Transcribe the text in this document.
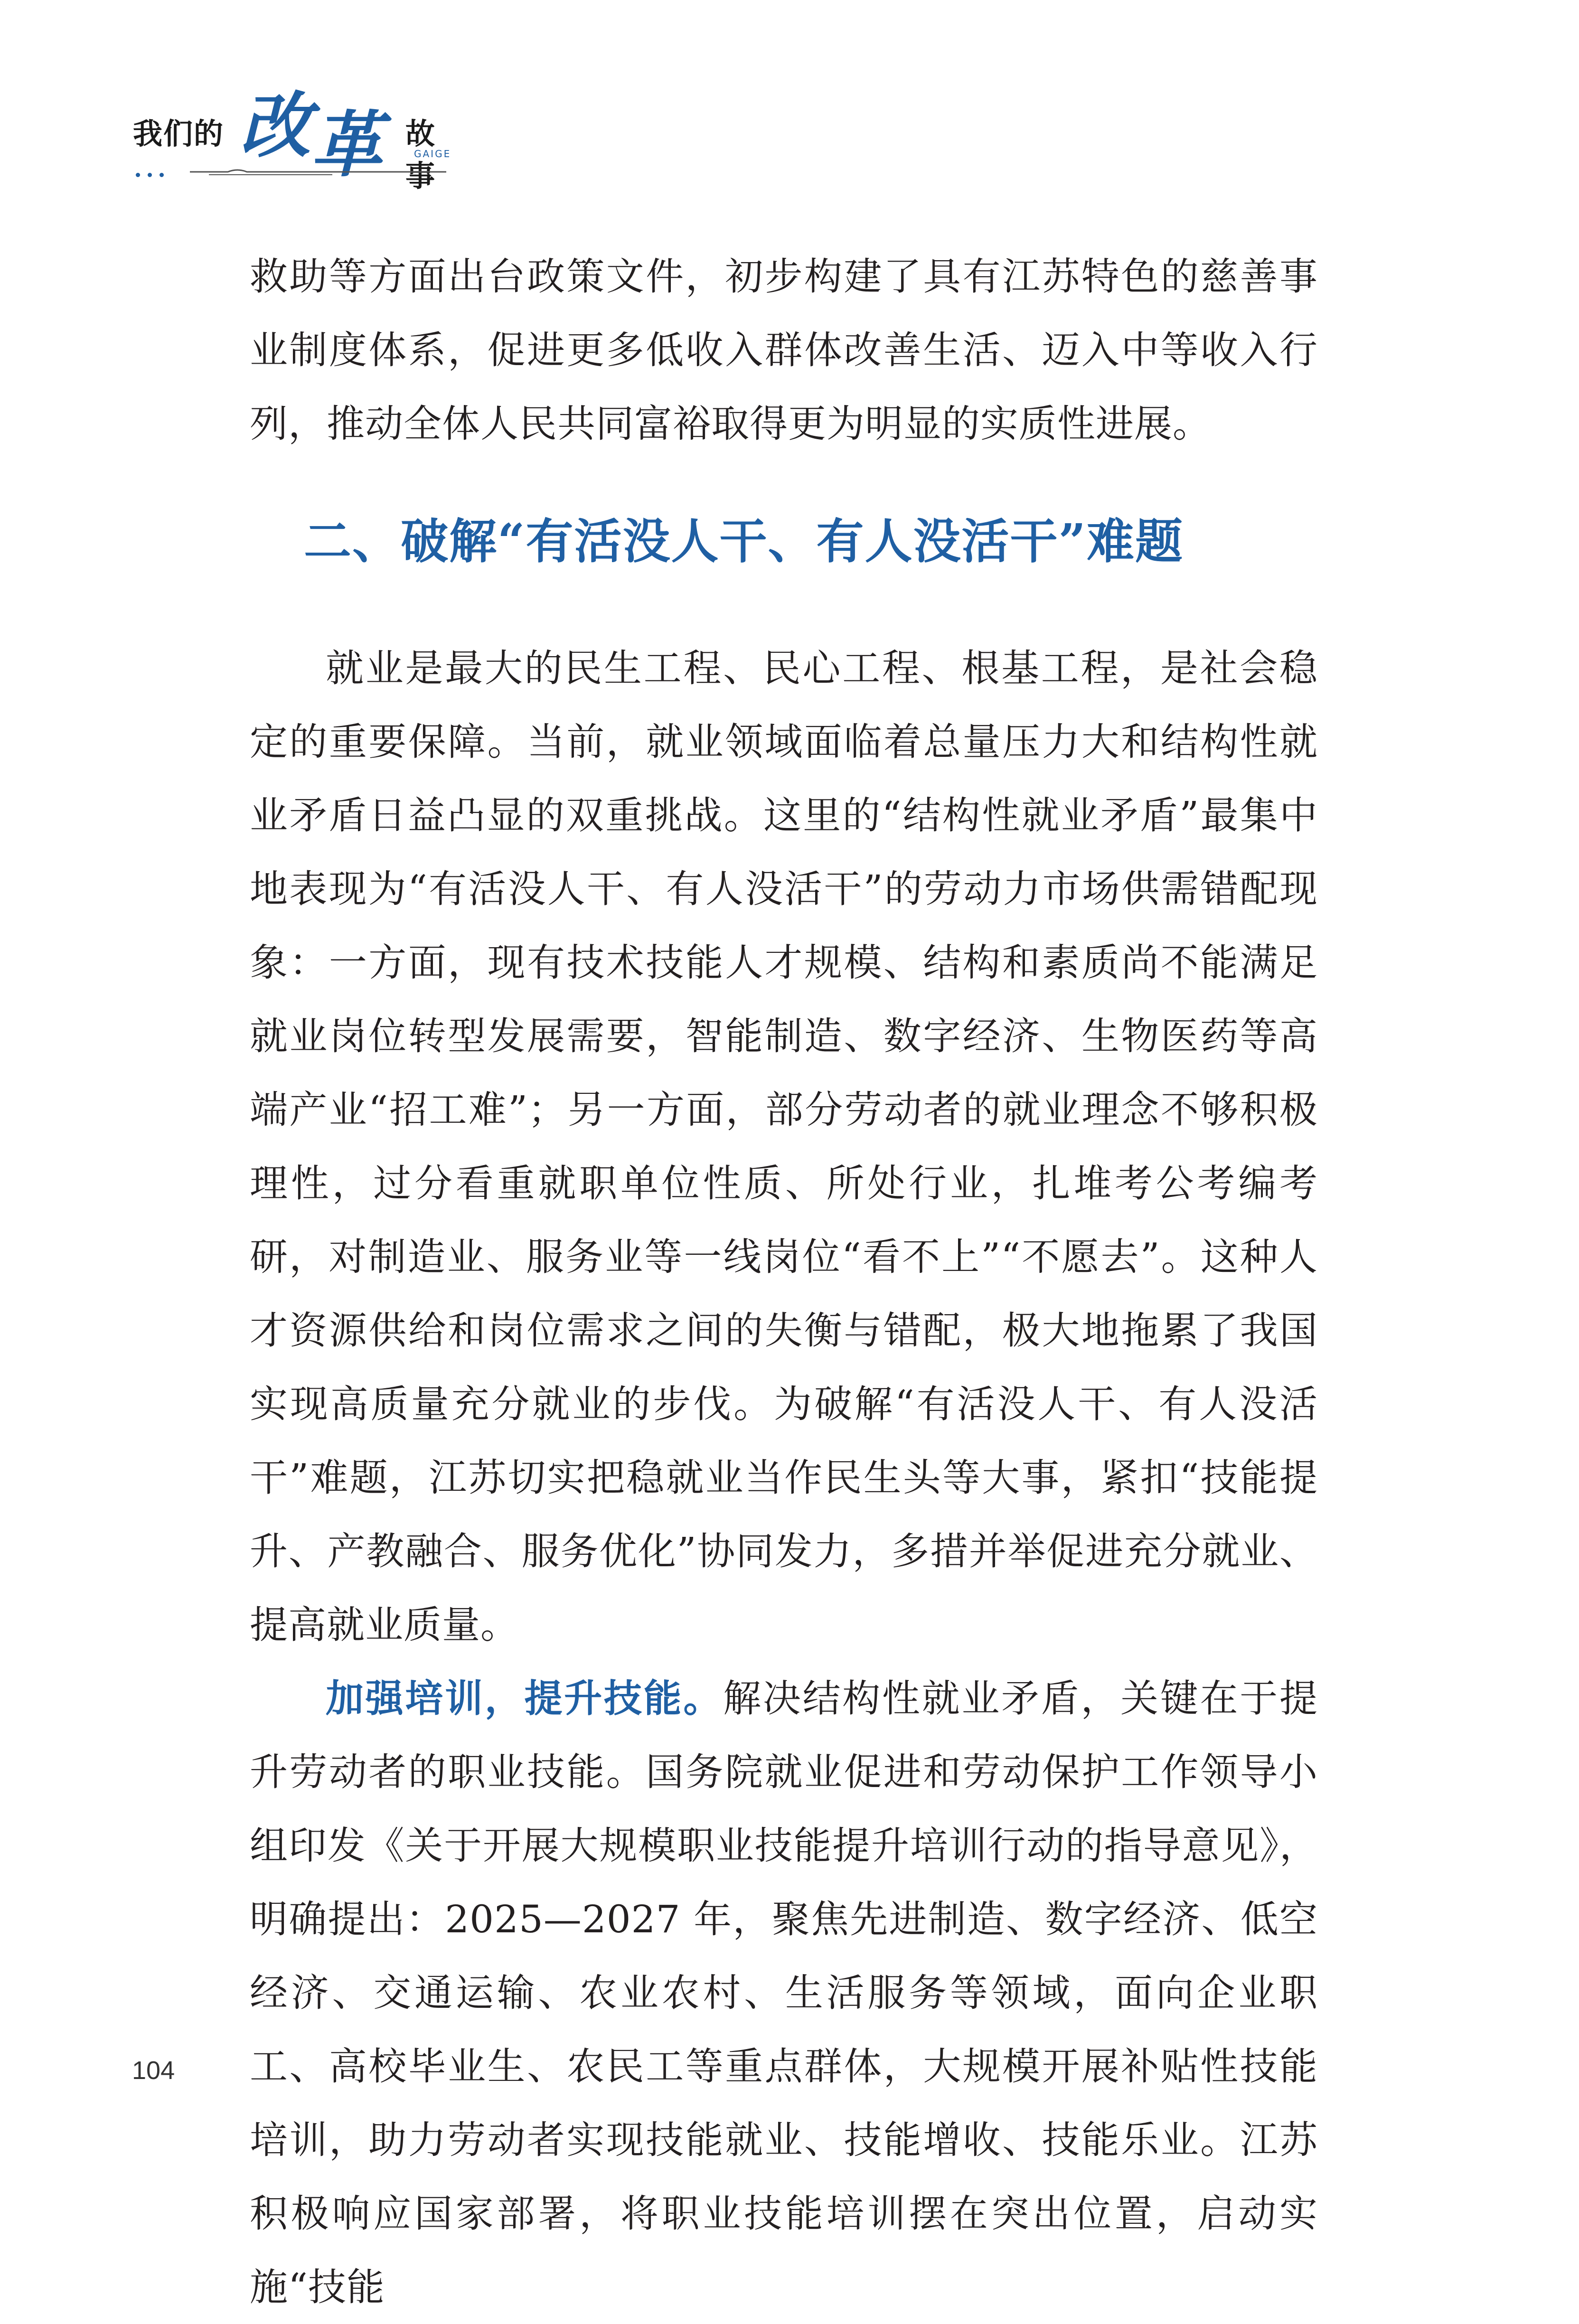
我们的 改 革 故事
GAIGE

救助等方面出台政策文件，初步构建了具有江苏特色的慈善事业制度体系，促进更多低收入群体改善生活、迈入中等收入行列，推动全体人民共同富裕取得更为明显的实质性进展。

二、破解“有活没人干、有人没活干”难题

就业是最大的民生工程、民心工程、根基工程，是社会稳定的重要保障。当前，就业领域面临着总量压力大和结构性就业矛盾日益凸显的双重挑战。这里的“结构性就业矛盾”最集中地表现为“有活没人干、有人没活干”的劳动力市场供需错配现象：一方面，现有技术技能人才规模、结构和素质尚不能满足就业岗位转型发展需要，智能制造、数字经济、生物医药等高端产业“招工难”；另一方面，部分劳动者的就业理念不够积极理性，过分看重就职单位性质、所处行业，扎堆考公考编考研，对制造业、服务业等一线岗位“看不上”“不愿去”。这种人才资源供给和岗位需求之间的失衡与错配，极大地拖累了我国实现高质量充分就业的步伐。为破解“有活没人干、有人没活干”难题，江苏切实把稳就业当作民生头等大事，紧扣“技能提升、产教融合、服务优化”协同发力，多措并举促进充分就业、提高就业质量。

加强培训，提升技能。解决结构性就业矛盾，关键在于提升劳动者的职业技能。国务院就业促进和劳动保护工作领导小组印发《关于开展大规模职业技能提升培训行动的指导意见》，明确提出：2025—2027 年，聚焦先进制造、数字经济、低空经济、交通运输、农业农村、生活服务等领域，面向企业职工、高校毕业生、农民工等重点群体，大规模开展补贴性技能培训，助力劳动者实现技能就业、技能增收、技能乐业。江苏积极响应国家部署，将职业技能培训摆在突出位置，启动实施“技能

104
